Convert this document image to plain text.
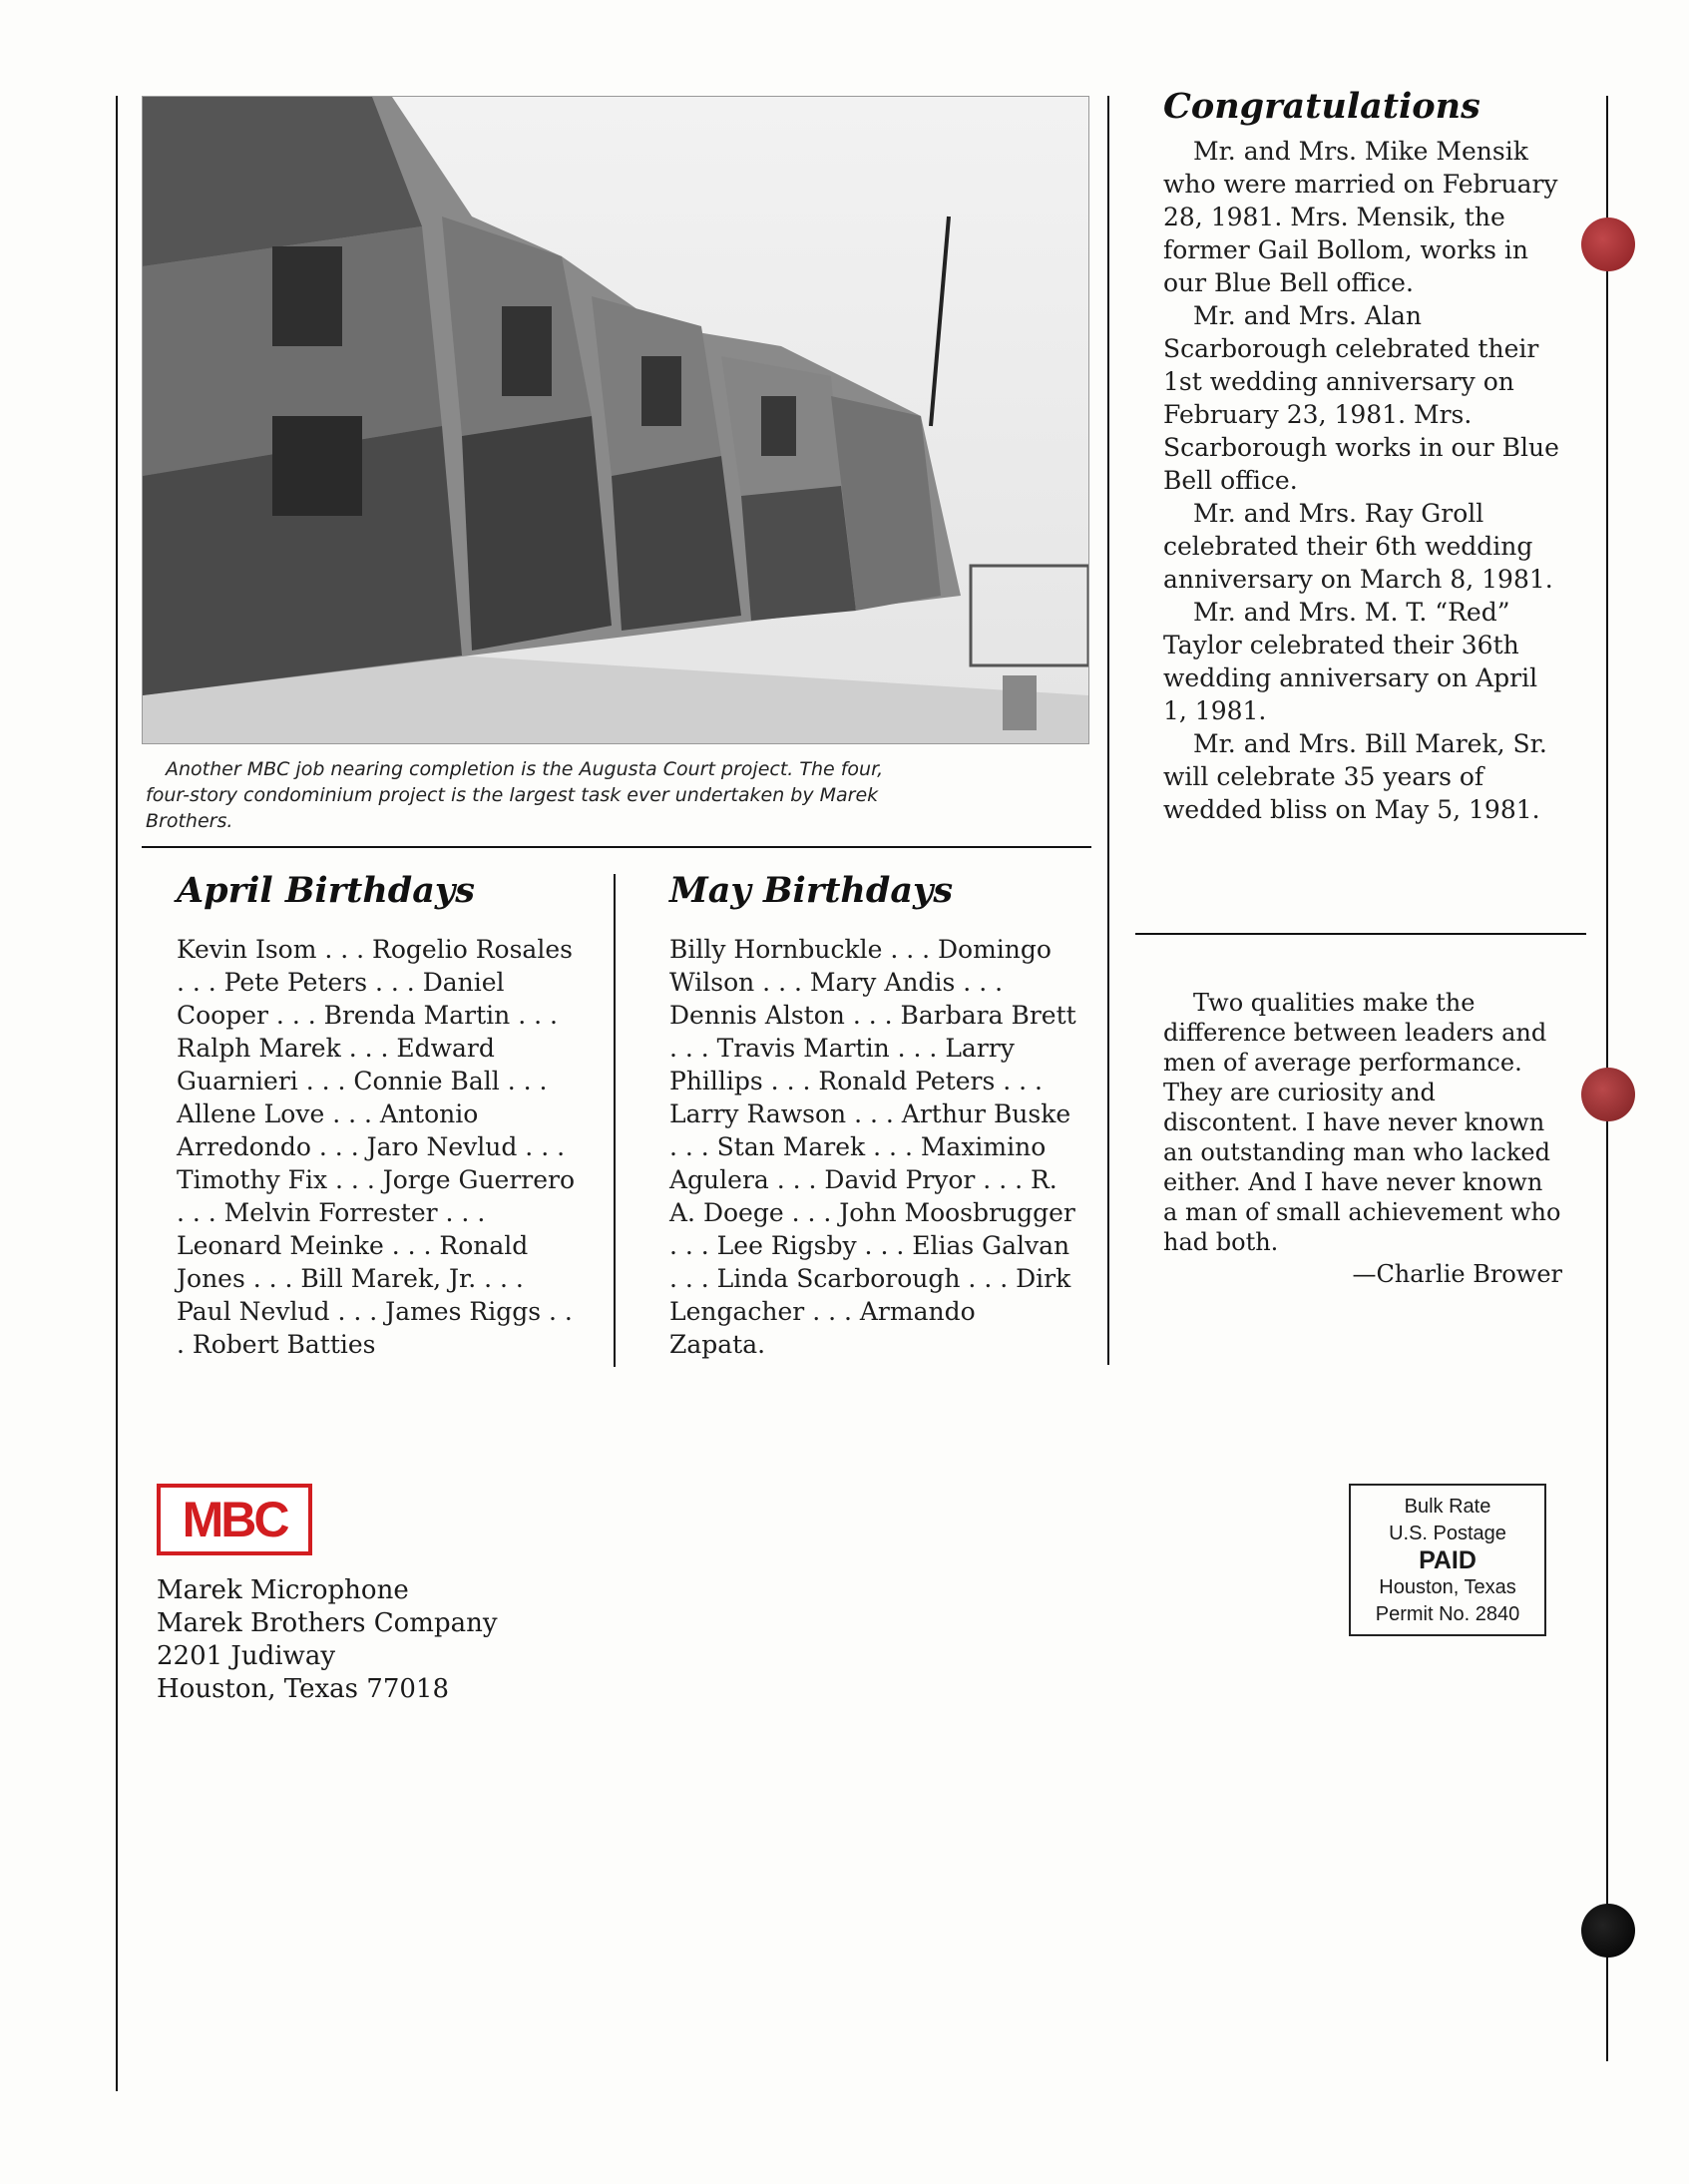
Another MBC job nearing completion is the Augusta Court project. The four, four-story condominium project is the largest task ever undertaken by Marek Brothers.

April Birthdays

Kevin Isom . . . Rogelio Rosales . . . Pete Peters . . . Daniel Cooper . . . Brenda Martin . . . Ralph Marek . . . Edward Guarnieri . . . Connie Ball . . . Allene Love . . . Antonio Arredondo . . . Jaro Nevlud . . . Timothy Fix . . . Jorge Guerrero . . . Melvin Forrester . . . Leonard Meinke . . . Ronald Jones . . . Bill Marek, Jr. . . . Paul Nevlud . . . James Riggs . . . Robert Batties

May Birthdays

Billy Hornbuckle . . . Domingo Wilson . . . Mary Andis . . . Dennis Alston . . . Barbara Brett . . . Travis Martin . . . Larry Phillips . . . Ronald Peters . . . Larry Rawson . . . Arthur Buske . . . Stan Marek . . . Maximino Agulera . . . David Pryor . . . R. A. Doege . . . John Moosbrugger . . . Lee Rigsby . . . Elias Galvan . . . Linda Scarborough . . . Dirk Lengacher . . . Armando Zapata.

Congratulations

Mr. and Mrs. Mike Mensik who were married on February 28, 1981. Mrs. Mensik, the former Gail Bollom, works in our Blue Bell office.

Mr. and Mrs. Alan Scarborough celebrated their 1st wedding anniversary on February 23, 1981. Mrs. Scarborough works in our Blue Bell office.

Mr. and Mrs. Ray Groll celebrated their 6th wedding anniversary on March 8, 1981.

Mr. and Mrs. M. T. “Red” Taylor celebrated their 36th wedding anniversary on April 1, 1981.

Mr. and Mrs. Bill Marek, Sr. will celebrate 35 years of wedded bliss on May 5, 1981.

Two qualities make the difference between leaders and men of average performance. They are curiosity and discontent. I have never known an outstanding man who lacked either. And I have never known a man of small achievement who had both.

—Charlie Brower

MBC
Marek Microphone
Marek Brothers Company
2201 Judiway
Houston, Texas 77018
Bulk Rate
U.S. Postage
PAID
Houston, Texas
Permit No. 2840
